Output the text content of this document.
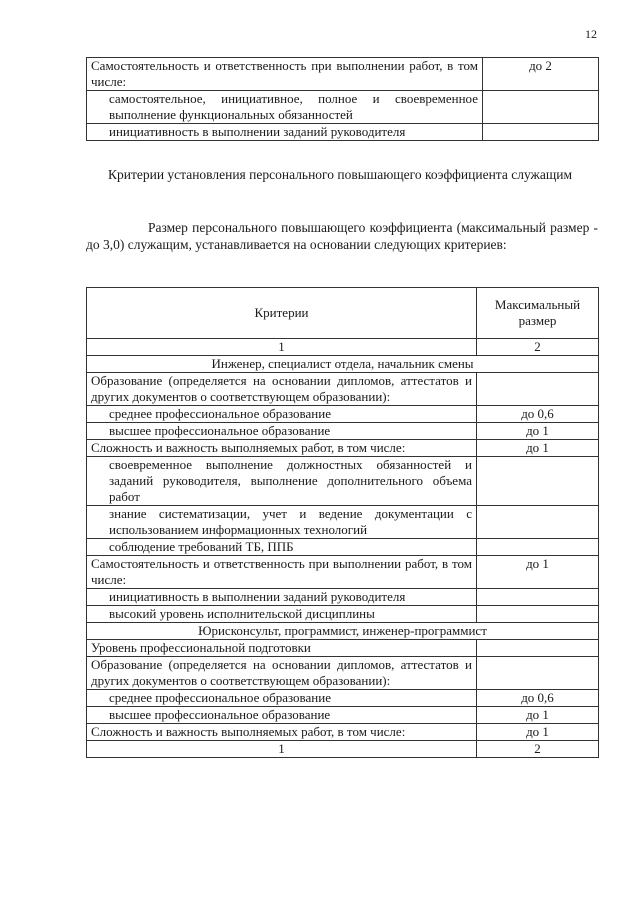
12
Самостоятельность и ответственность при выполнении работ, в том числе:	до 2
самостоятельное, инициативное, полное и своевременное выполнение функциональных обязанностей	
инициативность в выполнении заданий руководителя	
Критерии установления персонального повышающего коэффициента служащим
Размер персонального повышающего коэффициента (максимальный размер - до 3,0) служащим, устанавливается на основании следующих критериев:
Критерии	Максимальный размер
1	2
Инженер, специалист отдела, начальник смены	
Образование (определяется на основании дипломов, аттестатов и других документов о соответствующем образовании):	
среднее профессиональное образование	до 0,6
высшее профессиональное образование	до 1
Сложность и важность выполняемых работ, в том числе:	до 1
своевременное выполнение должностных обязанностей и заданий руководителя, выполнение дополнительного объема работ	
знание систематизации, учет и ведение документации с использованием информационных технологий	
соблюдение требований ТБ, ППБ	
Самостоятельность и ответственность при выполнении работ, в том числе:	до 1
инициативность в выполнении заданий руководителя	
высокий уровень исполнительской дисциплины	
Юрисконсульт, программист, инженер-программист	
Уровень профессиональной подготовки	
Образование (определяется на основании дипломов, аттестатов и других документов о соответствующем образовании):	
среднее профессиональное образование	до 0,6
высшее профессиональное образование	до 1
Сложность и важность выполняемых работ, в том числе:	до 1
1	2
